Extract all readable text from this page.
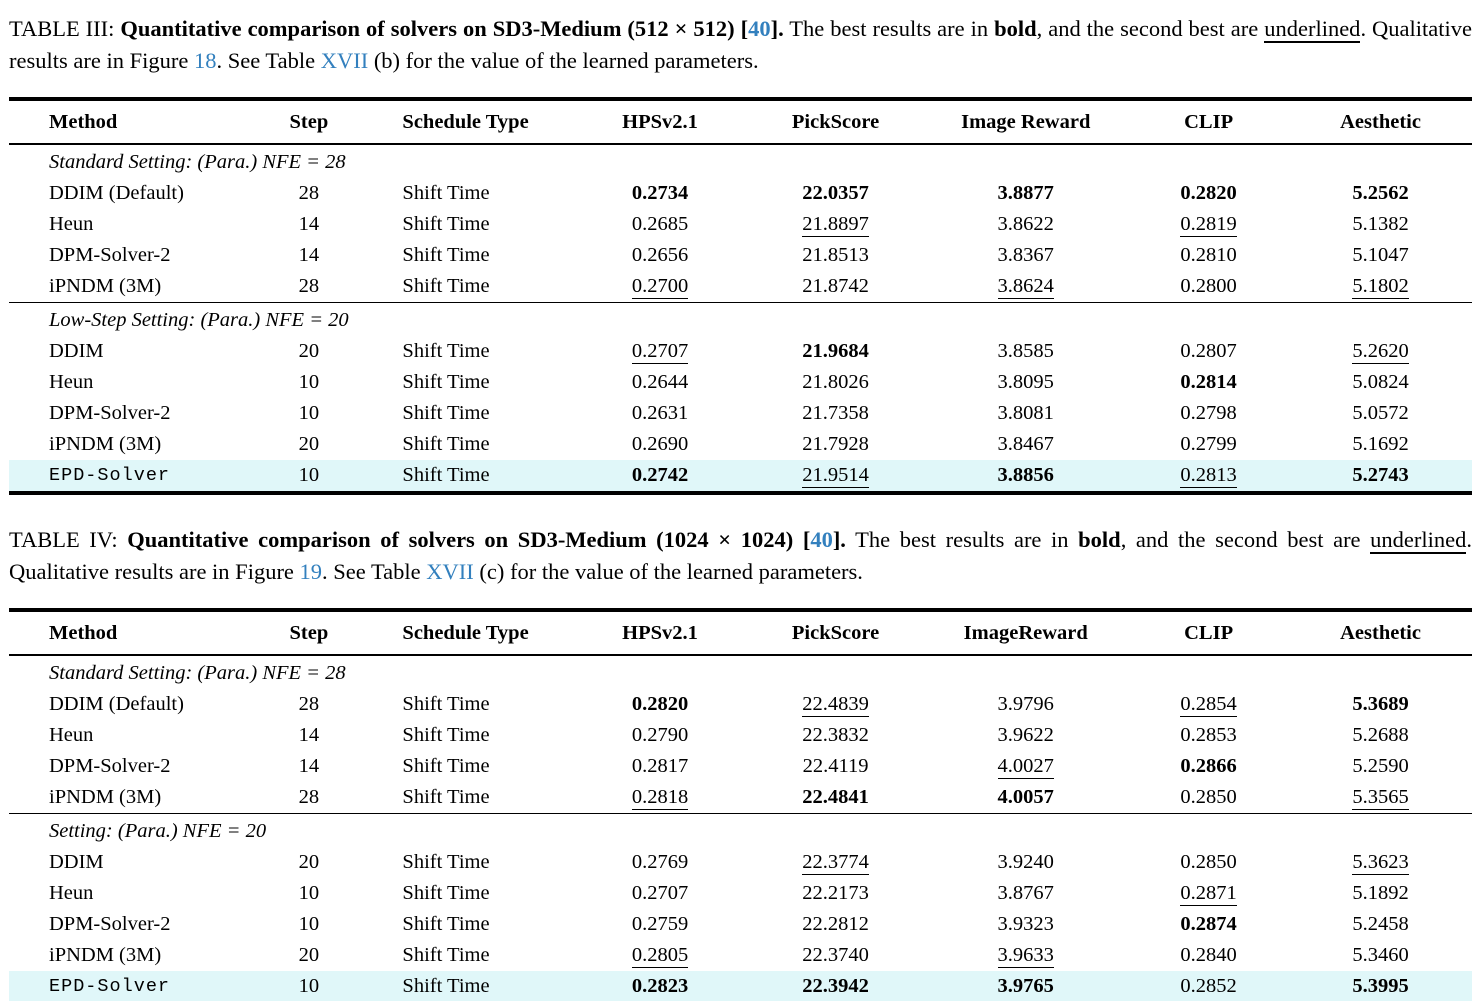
TABLE III: Quantitative comparison of solvers on SD3-Medium (512 × 512) [40]. The best results are in bold, and the second best are underlined. Qualitative results are in Figure 18. See Table XVII (b) for the value of the learned parameters.

Method	Step	Schedule Type	HPSv2.1	PickScore	Image Reward	CLIP	Aesthetic
Standard Setting: (Para.) NFE = 28							
DDIM (Default)	28	Shift Time	0.2734	22.0357	3.8877	0.2820	5.2562
Heun	14	Shift Time	0.2685	21.8897	3.8622	0.2819	5.1382
DPM-Solver-2	14	Shift Time	0.2656	21.8513	3.8367	0.2810	5.1047
iPNDM (3M)	28	Shift Time	0.2700	21.8742	3.8624	0.2800	5.1802
Low-Step Setting: (Para.) NFE = 20							
DDIM	20	Shift Time	0.2707	21.9684	3.8585	0.2807	5.2620
Heun	10	Shift Time	0.2644	21.8026	3.8095	0.2814	5.0824
DPM-Solver-2	10	Shift Time	0.2631	21.7358	3.8081	0.2798	5.0572
iPNDM (3M)	20	Shift Time	0.2690	21.7928	3.8467	0.2799	5.1692
EPD-Solver	10	Shift Time	0.2742	21.9514	3.8856	0.2813	5.2743

TABLE IV: Quantitative comparison of solvers on SD3-Medium (1024 × 1024) [40]. The best results are in bold, and the second best are underlined. Qualitative results are in Figure 19. See Table XVII (c) for the value of the learned parameters.

Method	Step	Schedule Type	HPSv2.1	PickScore	ImageReward	CLIP	Aesthetic
Standard Setting: (Para.) NFE = 28							
DDIM (Default)	28	Shift Time	0.2820	22.4839	3.9796	0.2854	5.3689
Heun	14	Shift Time	0.2790	22.3832	3.9622	0.2853	5.2688
DPM-Solver-2	14	Shift Time	0.2817	22.4119	4.0027	0.2866	5.2590
iPNDM (3M)	28	Shift Time	0.2818	22.4841	4.0057	0.2850	5.3565
Setting: (Para.) NFE = 20							
DDIM	20	Shift Time	0.2769	22.3774	3.9240	0.2850	5.3623
Heun	10	Shift Time	0.2707	22.2173	3.8767	0.2871	5.1892
DPM-Solver-2	10	Shift Time	0.2759	22.2812	3.9323	0.2874	5.2458
iPNDM (3M)	20	Shift Time	0.2805	22.3740	3.9633	0.2840	5.3460
EPD-Solver	10	Shift Time	0.2823	22.3942	3.9765	0.2852	5.3995
